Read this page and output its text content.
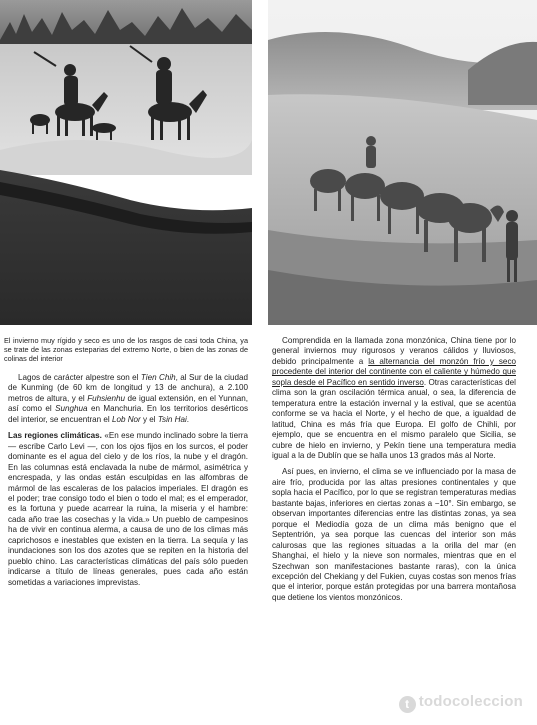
El invierno muy rígido y seco es uno de los rasgos de casi toda China, ya se trate de las zonas esteparias del extremo Norte, o bien de las zonas de colinas del interior

Lagos de carácter alpestre son el Tien Chih, al Sur de la ciudad de Kunming (de 60 km de longitud y 13 de anchura), a 2.100 metros de altura, y el Fuhsienhu de igual extensión, en el Yunnan, así como el Sunghua en Manchuria. En los territorios desérticos del interior, se encuentran el Lob Nor y el Tsin Hai.

Las regiones climáticas. «En ese mundo inclinado sobre la tierra — escribe Carlo Levi —, con los ojos fijos en los surcos, el poder dominante es el agua del cielo y de los ríos, la nube y el dragón. En las columnas está enclavada la nube de mármol, asimétrica y encrespada, y las ondas están esculpidas en las alfombras de mármol de las escaleras de los palacios imperiales. El dragón es el poder; trae consigo todo el bien o todo el mal; es el emperador, es la fortuna y puede acarrear la ruina, la miseria y el hambre: cada año trae las cosechas y la vida.» Un pueblo de campesinos ha de vivir en continua alerma, a causa de uno de los climas más caprichosos e inestables que existen en la tierra. La sequía y las inundaciones son los dos azotes que se repiten en la historia del pueblo chino. Las características climáticas del país sólo pueden indicarse a título de líneas generales, pues cada año están sometidas a variaciones imprevistas.

Comprendida en la llamada zona monzónica, China tiene por lo general inviernos muy rigurosos y veranos cálidos y lluviosos, debido principalmente a la alternancia del monzón frío y seco procedente del interior del continente con el caliente y húmedo que sopla desde el Pacífico en sentido inverso. Otras características del clima son la gran oscilación térmica anual, o sea, la diferencia de temperatura entre la estación invernal y la estival, que se acentúa conforme se va hacia el Norte, y el hecho de que, a igualdad de latitud, China es más fría que Europa. El golfo de Chihli, por ejemplo, que se encuentra en el mismo paralelo que Sicilia, se cubre de hielo en invierno, y Pekín tiene una temperatura media igual a la de Dublín que se halla unos 13 grados más al Norte.

Así pues, en invierno, el clima se ve influenciado por la masa de aire frío, producida por las altas presiones continentales y que sopla hacia el Pacífico, por lo que se registran temperaturas medias bastante bajas, inferiores en ciertas zonas a −10°. Sin embargo, se observan importantes diferencias entre las distintas zonas, ya sea porque el Mediodía goza de un clima más benigno que el Septentrión, ya sea porque las cuencas del interior son más calurosas que las regiones situadas a la orilla del mar (en Shanghai, el hielo y la nieve son normales, mientras que en el Szechwan son manifestaciones bastante raras), con la única excepción del Chekiang y del Fukien, cuyas costas son menos frías que el interior, porque están protegidas por una barrera montañosa que detiene los vientos monzónicos.

t todocoleccion
